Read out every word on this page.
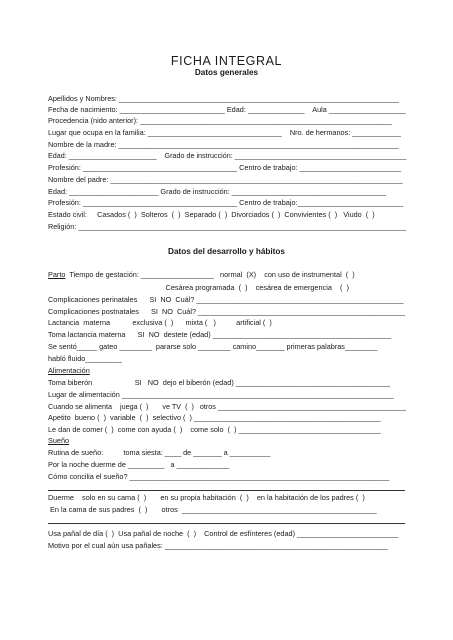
FICHA INTEGRAL
Datos generales
Apellidos y Nombres: _____________________________________________________________________
Fecha de nacimiento: __________________________ Edad: ______________    Aula ___________________
Procedencia (nido anterior): ______________________________________________________________
Lugar que ocupa en la familia: _________________________________    Nro. de hermanos: ____________
Nombre de la madre: _____________________________________________________________________
Edad: ______________________    Grado de instrucción: ___________________________________________
Profesión: ______________________________________ Centro de trabajo: _________________________
Nombre del padre: ________________________________________________________________________
Edad: ______________________ Grado de instrucción: ______________________________________
Profesión: ______________________________________ Centro de trabajo:__________________________
Estado civil:     Casados (  )  Solteros  (  )  Separado (  )  Divorciados (  )  Convivientes (  )   Viudo  (  )
Religión: _________________________________________________________________________________
Datos del desarrollo y hábitos
Parto  Tiempo de gestación: __________________   normal  (X)    con uso de instrumental  (  )
Cesárea programada  (  )    cesárea de emergencia    (  )
Complicaciones perinatales      SI  NO  Cuál? ___________________________________________________
Complicaciones postnatales      SI  NO  Cuál? ___________________________________________________
Lactancia  materna           exclusiva (  )      mixta (   )          artificial (  )
Toma lactancia materna      SI  NO  destete (edad) ____________________________________________
Se sentó_____ gateo ________  pararse solo ________ camino_______ primeras palabras________
habló fluido_________
Alimentación
Toma biberón                     SI   NO  dejo el biberón (edad) ______________________________________
Lugar de alimentación ___________________________________________________________________
Cuando se alimenta    juega (  )       ve TV  (  )   otros _______________________________________________
Apetito  bueno (  )  variable  (  )  selectivo (  ) ______________________________________________
Le dan de comer (  )  come con ayuda (  )    come solo  (  ) ___________________________________
Sueño
Rutina de sueño:          toma siesta: ____ de _______ a __________
Por la noche duerme de _________   a _____________
Cómo concilia el sueño? ________________________________________________________________
Duerme    solo en su cama (  )       en su propia habitación  (  )    en la habitación de los padres (  )
En la cama de sus padres  (  )       otros  ________________________________________________
Usa pañal de día (  )  Usa pañal de noche  (  )    Control de esfínteres (edad) _________________________
Motivo por el cual aún usa pañales: _______________________________________________________
